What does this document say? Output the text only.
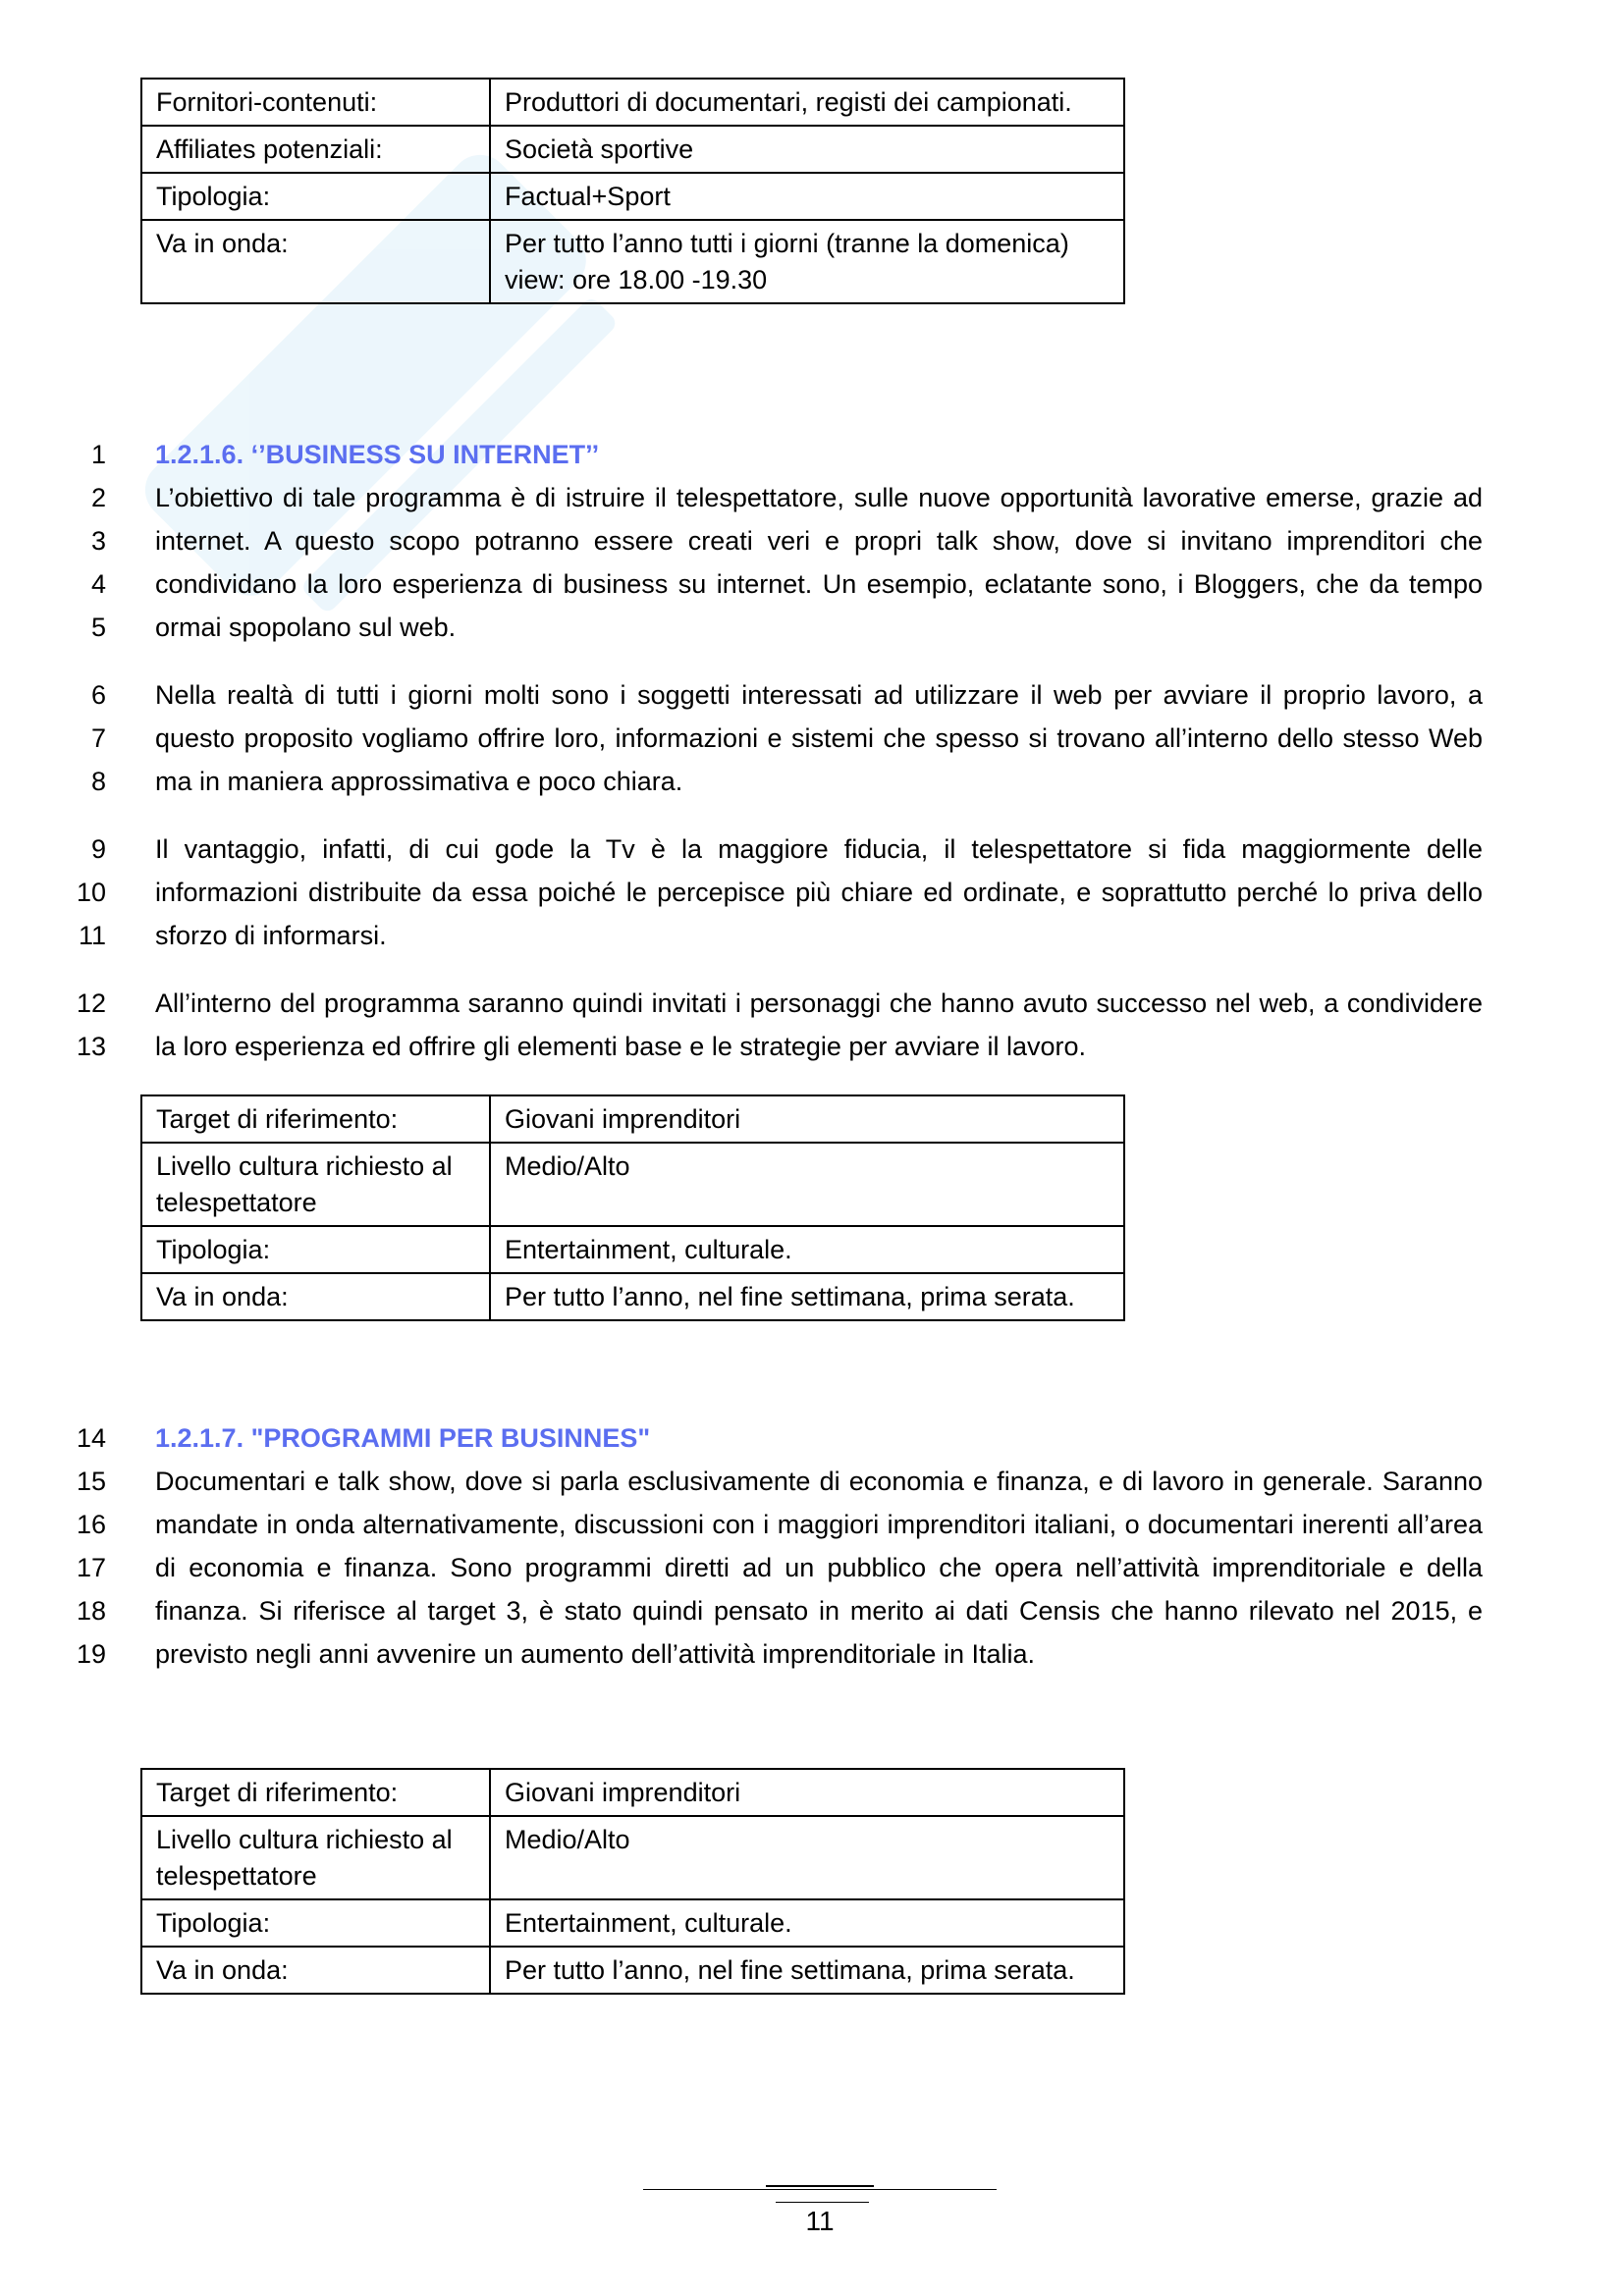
Fornitori-contenuti:	Produttori di documentari, registi dei campionati.
Affiliates potenziali:	Società sportive
Tipologia:	Factual+Sport
Va in onda:	Per tutto l’anno tutti i giorni (tranne la domenica)
view: ore 18.00 -19.30
1
2
3
4
5
6
7
8
9
10
11
12
13
1.2.1.6. ‘’BUSINESS SU INTERNET’’

L’obiettivo di tale programma è di istruire il telespettatore, sulle nuove opportunità lavorative emerse, grazie ad internet. A questo scopo potranno essere creati veri e propri talk show, dove si invitano imprenditori che condividano la loro esperienza di business su internet. Un esempio, eclatante sono, i Bloggers, che da tempo ormai spopolano sul web.

Nella realtà di tutti i giorni molti sono i soggetti interessati ad utilizzare il web per avviare il proprio lavoro, a questo proposito vogliamo offrire loro, informazioni e sistemi che spesso si trovano all’interno dello stesso Web ma in maniera approssimativa e poco chiara.

Il vantaggio, infatti, di cui gode la Tv è la maggiore fiducia, il telespettatore si fida maggiormente delle informazioni distribuite da essa poiché le percepisce più chiare ed ordinate, e soprattutto perché lo priva dello sforzo di informarsi.

All’interno del programma saranno quindi invitati i personaggi che hanno avuto successo nel web, a condividere la loro esperienza ed offrire gli elementi base e le strategie per avviare il lavoro.

Target di riferimento:	Giovani imprenditori
Livello cultura richiesto al telespettatore	Medio/Alto
Tipologia:	Entertainment, culturale.
Va in onda:	Per tutto l’anno, nel fine settimana, prima serata.
14
15
16
17
18
19
1.2.1.7. "PROGRAMMI PER BUSINNES"

Documentari e talk show, dove si parla esclusivamente di economia e finanza, e di lavoro in generale. Saranno mandate in onda alternativamente, discussioni con i maggiori imprenditori italiani, o documentari inerenti all’area di economia e finanza. Sono programmi diretti ad un pubblico che opera nell’attività imprenditoriale e della finanza. Si riferisce al target 3, è stato quindi pensato in merito ai dati Censis che hanno rilevato nel 2015, e previsto negli anni avvenire un aumento dell’attività imprenditoriale in Italia.

Target di riferimento:	Giovani imprenditori
Livello cultura richiesto al telespettatore	Medio/Alto
Tipologia:	Entertainment, culturale.
Va in onda:	Per tutto l’anno, nel fine settimana, prima serata.
11
